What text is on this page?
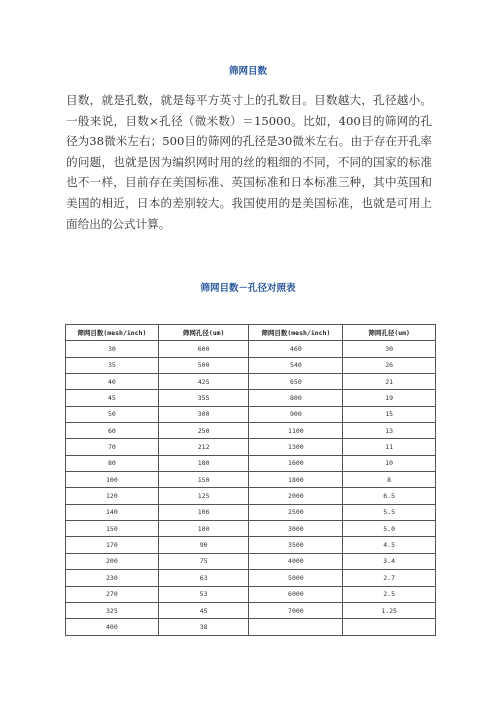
筛网目数

目数，就是孔数，就是每平方英寸上的孔数目。目数越大，孔径越小。一般来说，目数×孔径（微米数）＝15000。比如，400目的筛网的孔径为38微米左右；500目的筛网的孔径是30微米左右。由于存在开孔率的问题，也就是因为编织网时用的丝的粗细的不同，不同的国家的标准也不一样，目前存在美国标准、英国标准和日本标准三种，其中英国和美国的相近，日本的差别较大。我国使用的是美国标准，也就是可用上面给出的公式计算。

筛网目数－孔径对照表
筛网目数(mesh/inch)	筛网孔径(um)	筛网目数(mesh/inch)	筛网孔径(um)
30	600	460	30
35	500	540	26
40	425	650	21
45	355	800	19
50	300	900	15
60	250	1100	13
70	212	1300	11
80	180	1600	10
100	150	1800	8
120	125	2000	6.5
140	106	2500	5.5
150	100	3000	5.0
170	90	3500	4.5
200	75	4000	3.4
230	63	5000	2.7
270	53	6000	2.5
325	45	7000	1.25
400	38		
